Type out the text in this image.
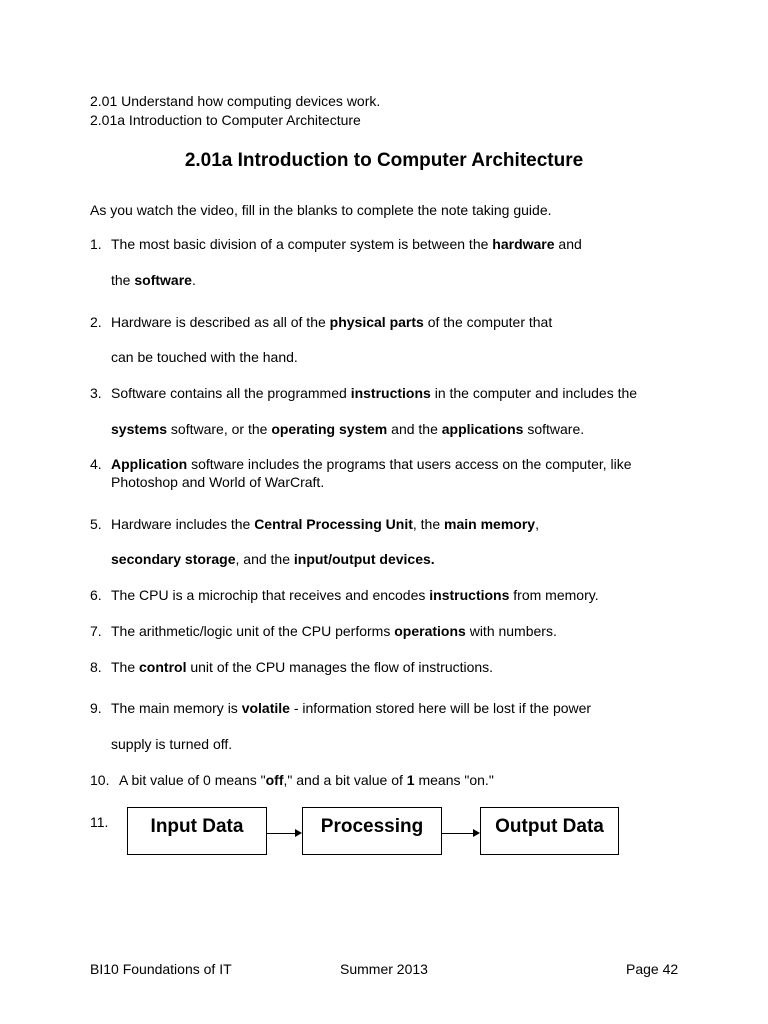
2.01 Understand how computing devices work.
2.01a Introduction to Computer Architecture
2.01a Introduction to Computer Architecture
As you watch the video, fill in the blanks to complete the note taking guide.
1. The most basic division of a computer system is between the hardware and
the software.
2. Hardware is described as all of the physical parts of the computer that
can be touched with the hand.
3. Software contains all the programmed instructions in the computer and includes the
systems software, or the operating system and the applications software.
4. Application software includes the programs that users access on the computer, like
Photoshop and World of WarCraft.
5. Hardware includes the Central Processing Unit, the main memory,
secondary storage, and the input/output devices.
6. The CPU is a microchip that receives and encodes instructions from memory.
7. The arithmetic/logic unit of the CPU performs operations with numbers.
8. The control unit of the CPU manages the flow of instructions.
9. The main memory is volatile - information stored here will be lost if the power
supply is turned off.
10. A bit value of 0 means "off," and a bit value of 1 means "on."
11. Input Data	Processing	Output Data
BI10 Foundations of IT	Summer 2013	Page 42
